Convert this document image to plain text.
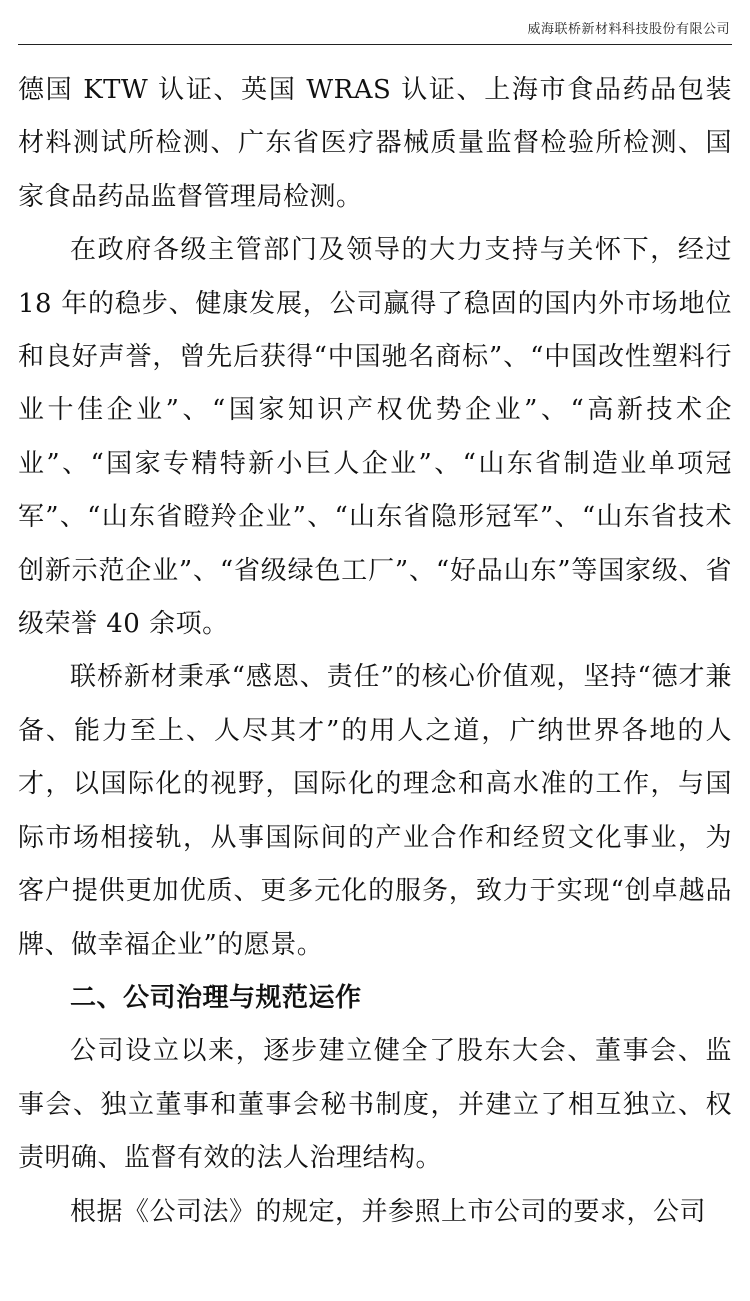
威海联桥新材料科技股份有限公司

德国 KTW 认证、英国 WRAS 认证、上海市食品药品包装材料测试所检测、广东省医疗器械质量监督检验所检测、国家食品药品监督管理局检测。

在政府各级主管部门及领导的大力支持与关怀下，经过 18 年的稳步、健康发展，公司赢得了稳固的国内外市场地位和良好声誉，曾先后获得“中国驰名商标”、“中国改性塑料行业十佳企业”、“国家知识产权优势企业”、“高新技术企业”、“国家专精特新小巨人企业”、“山东省制造业单项冠军”、“山东省瞪羚企业”、“山东省隐形冠军”、“山东省技术创新示范企业”、“省级绿色工厂”、“好品山东”等国家级、省级荣誉 40 余项。

联桥新材秉承“感恩、责任”的核心价值观，坚持“德才兼备、能力至上、人尽其才”的用人之道，广纳世界各地的人才，以国际化的视野，国际化的理念和高水准的工作，与国际市场相接轨，从事国际间的产业合作和经贸文化事业，为客户提供更加优质、更多元化的服务，致力于实现“创卓越品牌、做幸福企业”的愿景。

二、公司治理与规范运作

公司设立以来，逐步建立健全了股东大会、董事会、监事会、独立董事和董事会秘书制度，并建立了相互独立、权责明确、监督有效的法人治理结构。

根据《公司法》的规定，并参照上市公司的要求，公司
